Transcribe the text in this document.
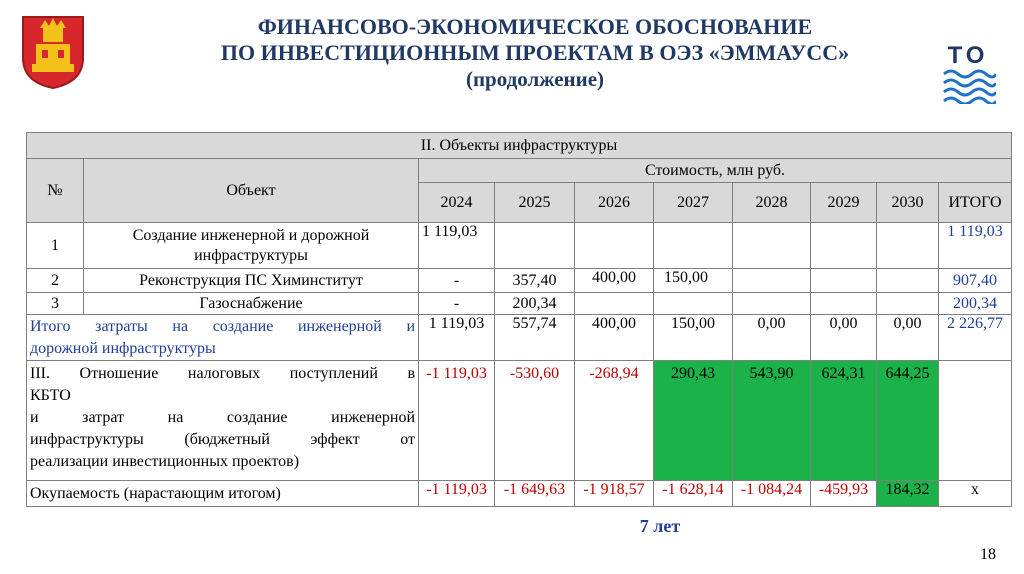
ТО
ФИНАНСОВО-ЭКОНОМИЧЕСКОЕ ОБОСНОВАНИЕ
ПО ИНВЕСТИЦИОННЫМ ПРОЕКТАМ В ОЭЗ «ЭММАУСС»
(продолжение)
II. Объекты инфраструктуры									
№	Объект	Стоимость, млн руб.							
		2024	2025	2026	2027	2028	2029	2030	ИТОГО
1	Создание инженерной и дорожной инфраструктуры	1 119,03							1 119,03
2	Реконструкция ПС Химинститут	-	357,40	400,00	150,00				907,40
3	Газоснабжение	-	200,34						200,34

Итого затраты на создание инженерной и
дорожной инфраструктуры		1 119,03	557,74	400,00	150,00	0,00	0,00	0,00	2 226,77

III. Отношение налоговых поступлений в
КБТО
и затрат на создание инженерной
инфраструктуры (бюджетный эффект от
реализации инвестиционных проектов)		-1 119,03	-530,60	-268,94	290,43	543,90	624,31	644,25	
Окупаемость (нарастающим итогом)		-1 119,03	-1 649,63	-1 918,57	-1 628,14	-1 084,24	-459,93	184,32	х
7 лет
18
